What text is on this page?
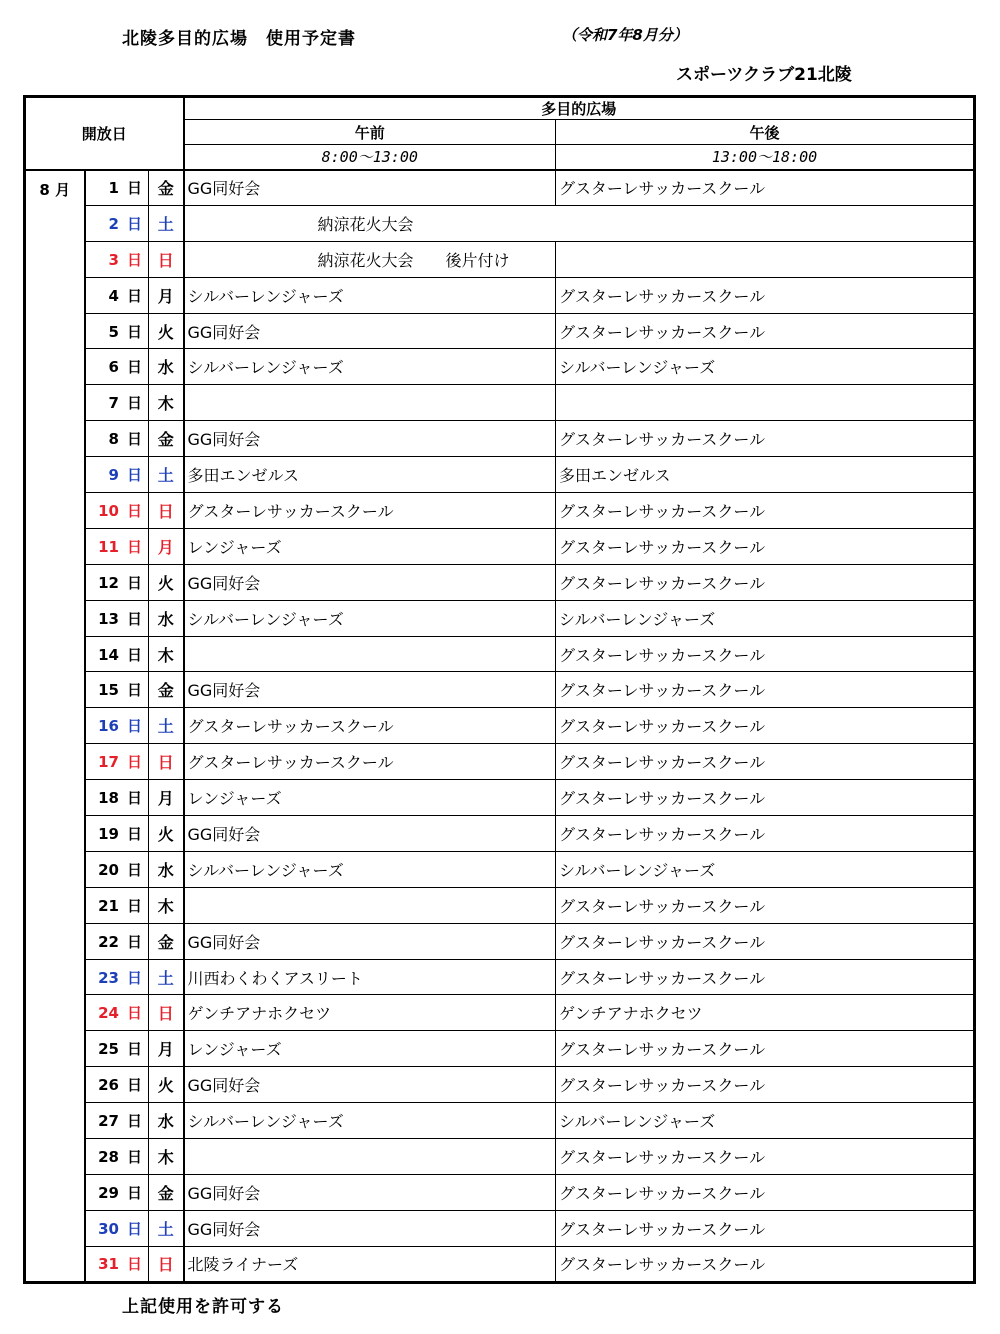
北陵多目的広場　使用予定書	（令和7年8月分）
スポーツクラブ21北陵
開放日			多目的広場	
			午前	午後
			8:00～13:00	13:00～18:00
8 月	1 日	金	GG同好会	グスターレサッカースクール
	2 日	土	納涼花火大会	
	3 日	日	納涼花火大会　　後片付け	
	4 日	月	シルバーレンジャーズ	グスターレサッカースクール
	5 日	火	GG同好会	グスターレサッカースクール
	6 日	水	シルバーレンジャーズ	シルバーレンジャーズ
	7 日	木		
	8 日	金	GG同好会	グスターレサッカースクール
	9 日	土	多田エンゼルス	多田エンゼルス
	10 日	日	グスターレサッカースクール	グスターレサッカースクール
	11 日	月	レンジャーズ	グスターレサッカースクール
	12 日	火	GG同好会	グスターレサッカースクール
	13 日	水	シルバーレンジャーズ	シルバーレンジャーズ
	14 日	木		グスターレサッカースクール
	15 日	金	GG同好会	グスターレサッカースクール
	16 日	土	グスターレサッカースクール	グスターレサッカースクール
	17 日	日	グスターレサッカースクール	グスターレサッカースクール
	18 日	月	レンジャーズ	グスターレサッカースクール
	19 日	火	GG同好会	グスターレサッカースクール
	20 日	水	シルバーレンジャーズ	シルバーレンジャーズ
	21 日	木		グスターレサッカースクール
	22 日	金	GG同好会	グスターレサッカースクール
	23 日	土	川西わくわくアスリート	グスターレサッカースクール
	24 日	日	ゲンチアナホクセツ	ゲンチアナホクセツ
	25 日	月	レンジャーズ	グスターレサッカースクール
	26 日	火	GG同好会	グスターレサッカースクール
	27 日	水	シルバーレンジャーズ	シルバーレンジャーズ
	28 日	木		グスターレサッカースクール
	29 日	金	GG同好会	グスターレサッカースクール
	30 日	土	GG同好会	グスターレサッカースクール
	31 日	日	北陵ライナーズ	グスターレサッカースクール
上記使用を許可する
